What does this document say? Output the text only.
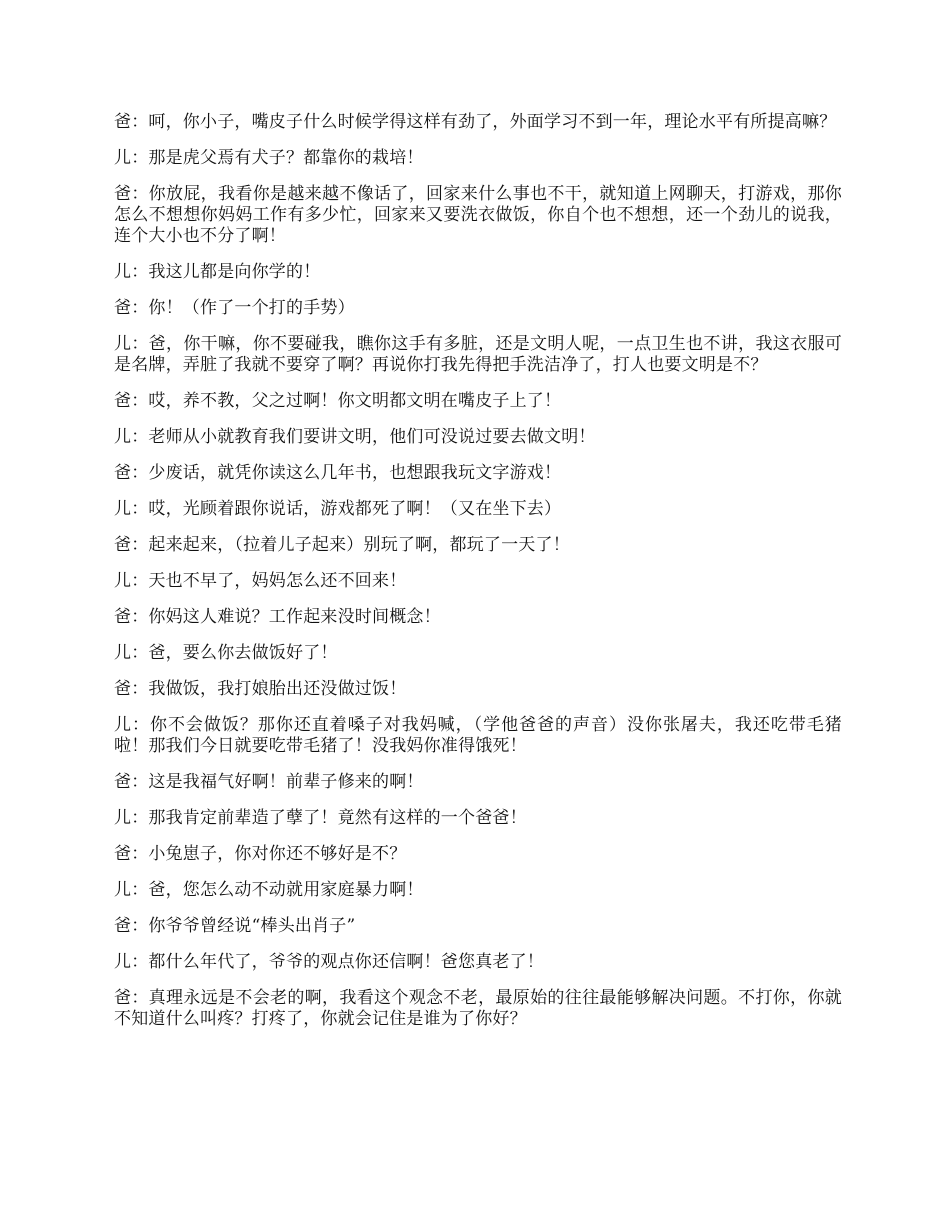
爸：呵，你小子，嘴皮子什么时候学得这样有劲了，外面学习不到一年，理论水平有所提高嘛？

儿：那是虎父焉有犬子？都靠你的栽培！

爸：你放屁，我看你是越来越不像话了，回家来什么事也不干，就知道上网聊天，打游戏，那你怎么不想想你妈妈工作有多少忙，回家来又要洗衣做饭，你自个也不想想，还一个劲儿的说我，连个大小也不分了啊！

儿：我这儿都是向你学的！

爸：你！（作了一个打的手势）

儿：爸，你干嘛，你不要碰我，瞧你这手有多脏，还是文明人呢，一点卫生也不讲，我这衣服可是名牌，弄脏了我就不要穿了啊？再说你打我先得把手洗洁净了，打人也要文明是不？

爸：哎，养不教，父之过啊！你文明都文明在嘴皮子上了！

儿：老师从小就教育我们要讲文明，他们可没说过要去做文明！

爸：少废话，就凭你读这么几年书，也想跟我玩文字游戏！

儿：哎，光顾着跟你说话，游戏都死了啊！（又在坐下去）

爸：起来起来，（拉着儿子起来）别玩了啊，都玩了一天了！

儿：天也不早了，妈妈怎么还不回来！

爸：你妈这人难说？工作起来没时间概念！

儿：爸，要么你去做饭好了！

爸：我做饭，我打娘胎出还没做过饭！

儿：你不会做饭？那你还直着嗓子对我妈喊，（学他爸爸的声音）没你张屠夫，我还吃带毛猪啦！那我们今日就要吃带毛猪了！没我妈你准得饿死！

爸：这是我福气好啊！前辈子修来的啊！

儿：那我肯定前辈造了孽了！竟然有这样的一个爸爸！

爸：小兔崽子，你对你还不够好是不？

儿：爸，您怎么动不动就用家庭暴力啊！

爸：你爷爷曾经说“棒头出肖子”

儿：都什么年代了，爷爷的观点你还信啊！爸您真老了！

爸：真理永远是不会老的啊，我看这个观念不老，最原始的往往最能够解决问题。不打你，你就不知道什么叫疼？打疼了，你就会记住是谁为了你好？
